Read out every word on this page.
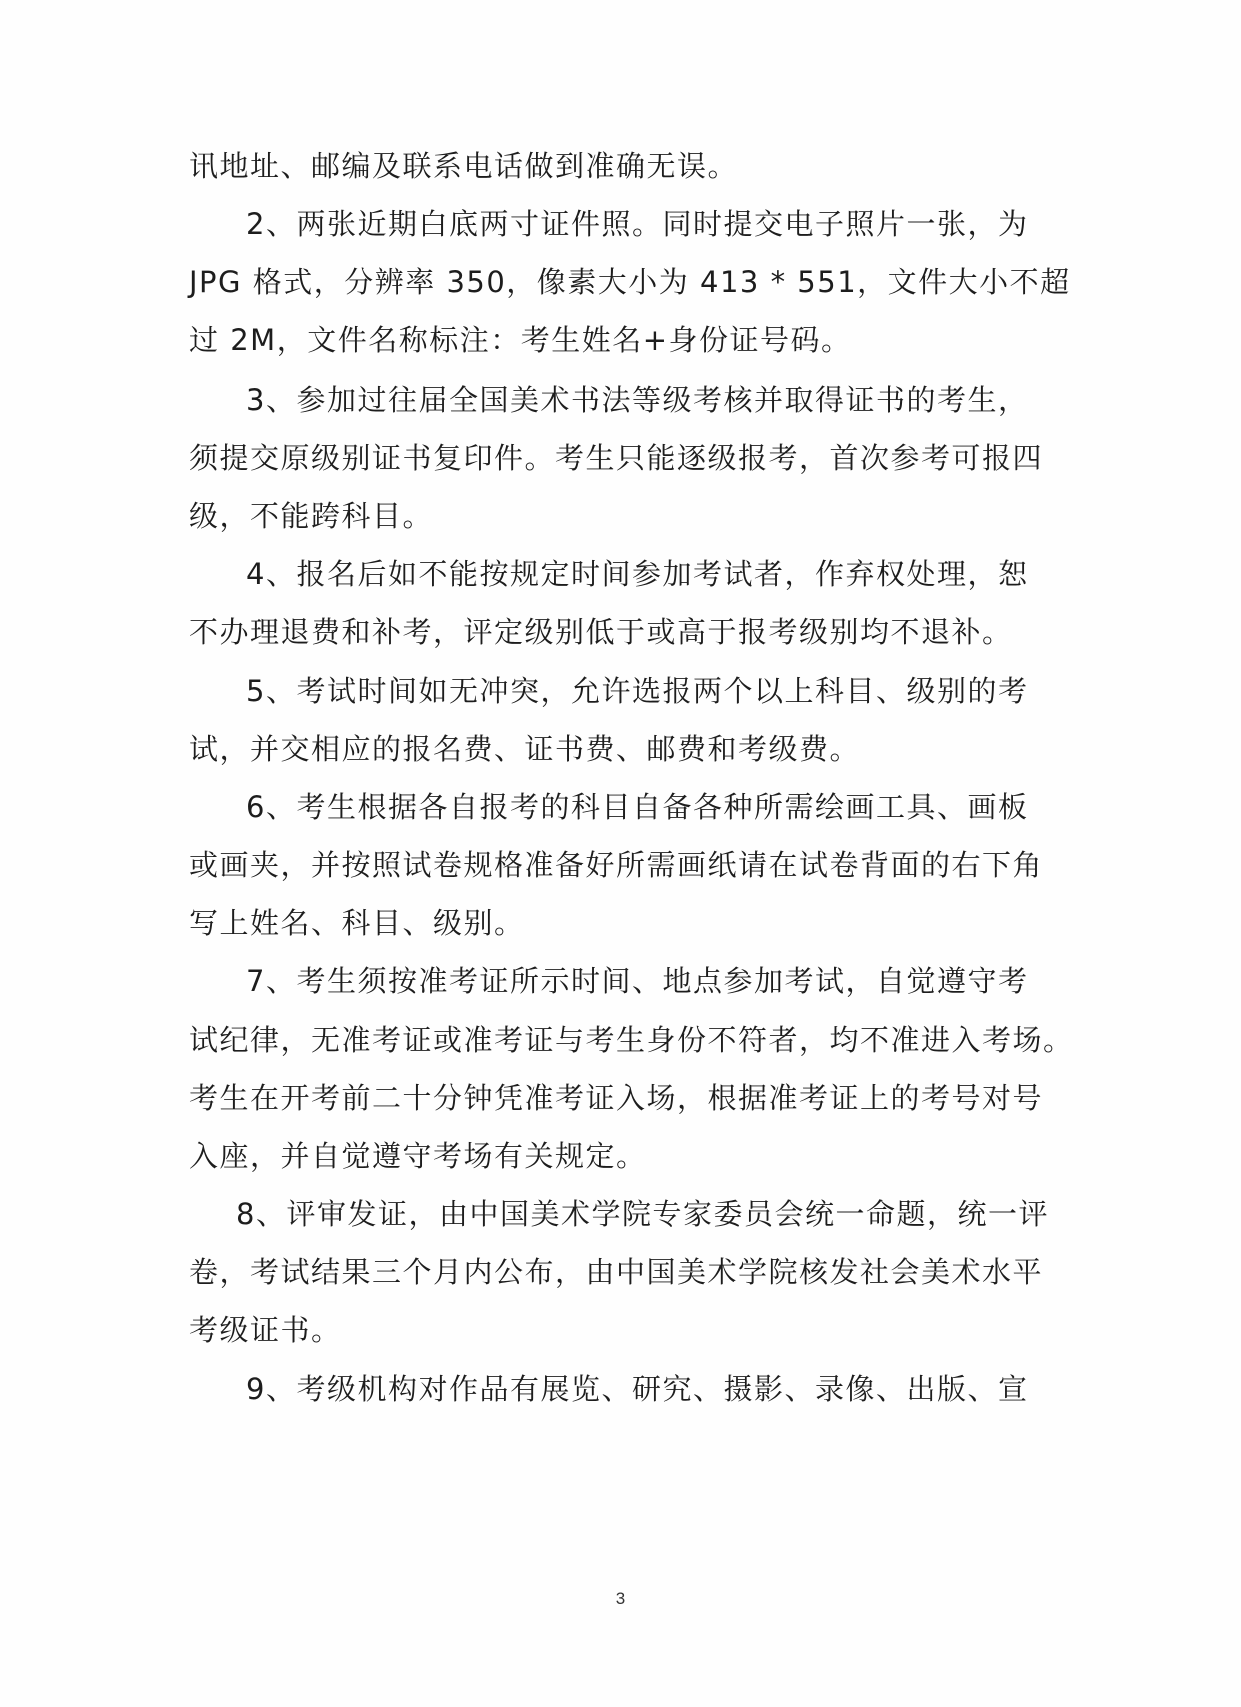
讯地址、邮编及联系电话做到准确无误。
2、两张近期白底两寸证件照。同时提交电子照片一张，为
JPG 格式，分辨率 350，像素大小为 413 * 551，文件大小不超
过 2M，文件名称标注：考生姓名+身份证号码。
3、参加过往届全国美术书法等级考核并取得证书的考生，
须提交原级别证书复印件。考生只能逐级报考，首次参考可报四
级，不能跨科目。
4、报名后如不能按规定时间参加考试者，作弃权处理，恕
不办理退费和补考，评定级别低于或高于报考级别均不退补。
5、考试时间如无冲突，允许选报两个以上科目、级别的考
试，并交相应的报名费、证书费、邮费和考级费。
6、考生根据各自报考的科目自备各种所需绘画工具、画板
或画夹，并按照试卷规格准备好所需画纸请在试卷背面的右下角
写上姓名、科目、级别。
7、考生须按准考证所示时间、地点参加考试，自觉遵守考
试纪律，无准考证或准考证与考生身份不符者，均不准进入考场。
考生在开考前二十分钟凭准考证入场，根据准考证上的考号对号
入座，并自觉遵守考场有关规定。
8、评审发证，由中国美术学院专家委员会统一命题，统一评
卷，考试结果三个月内公布，由中国美术学院核发社会美术水平
考级证书。
9、考级机构对作品有展览、研究、摄影、录像、出版、宣
3
